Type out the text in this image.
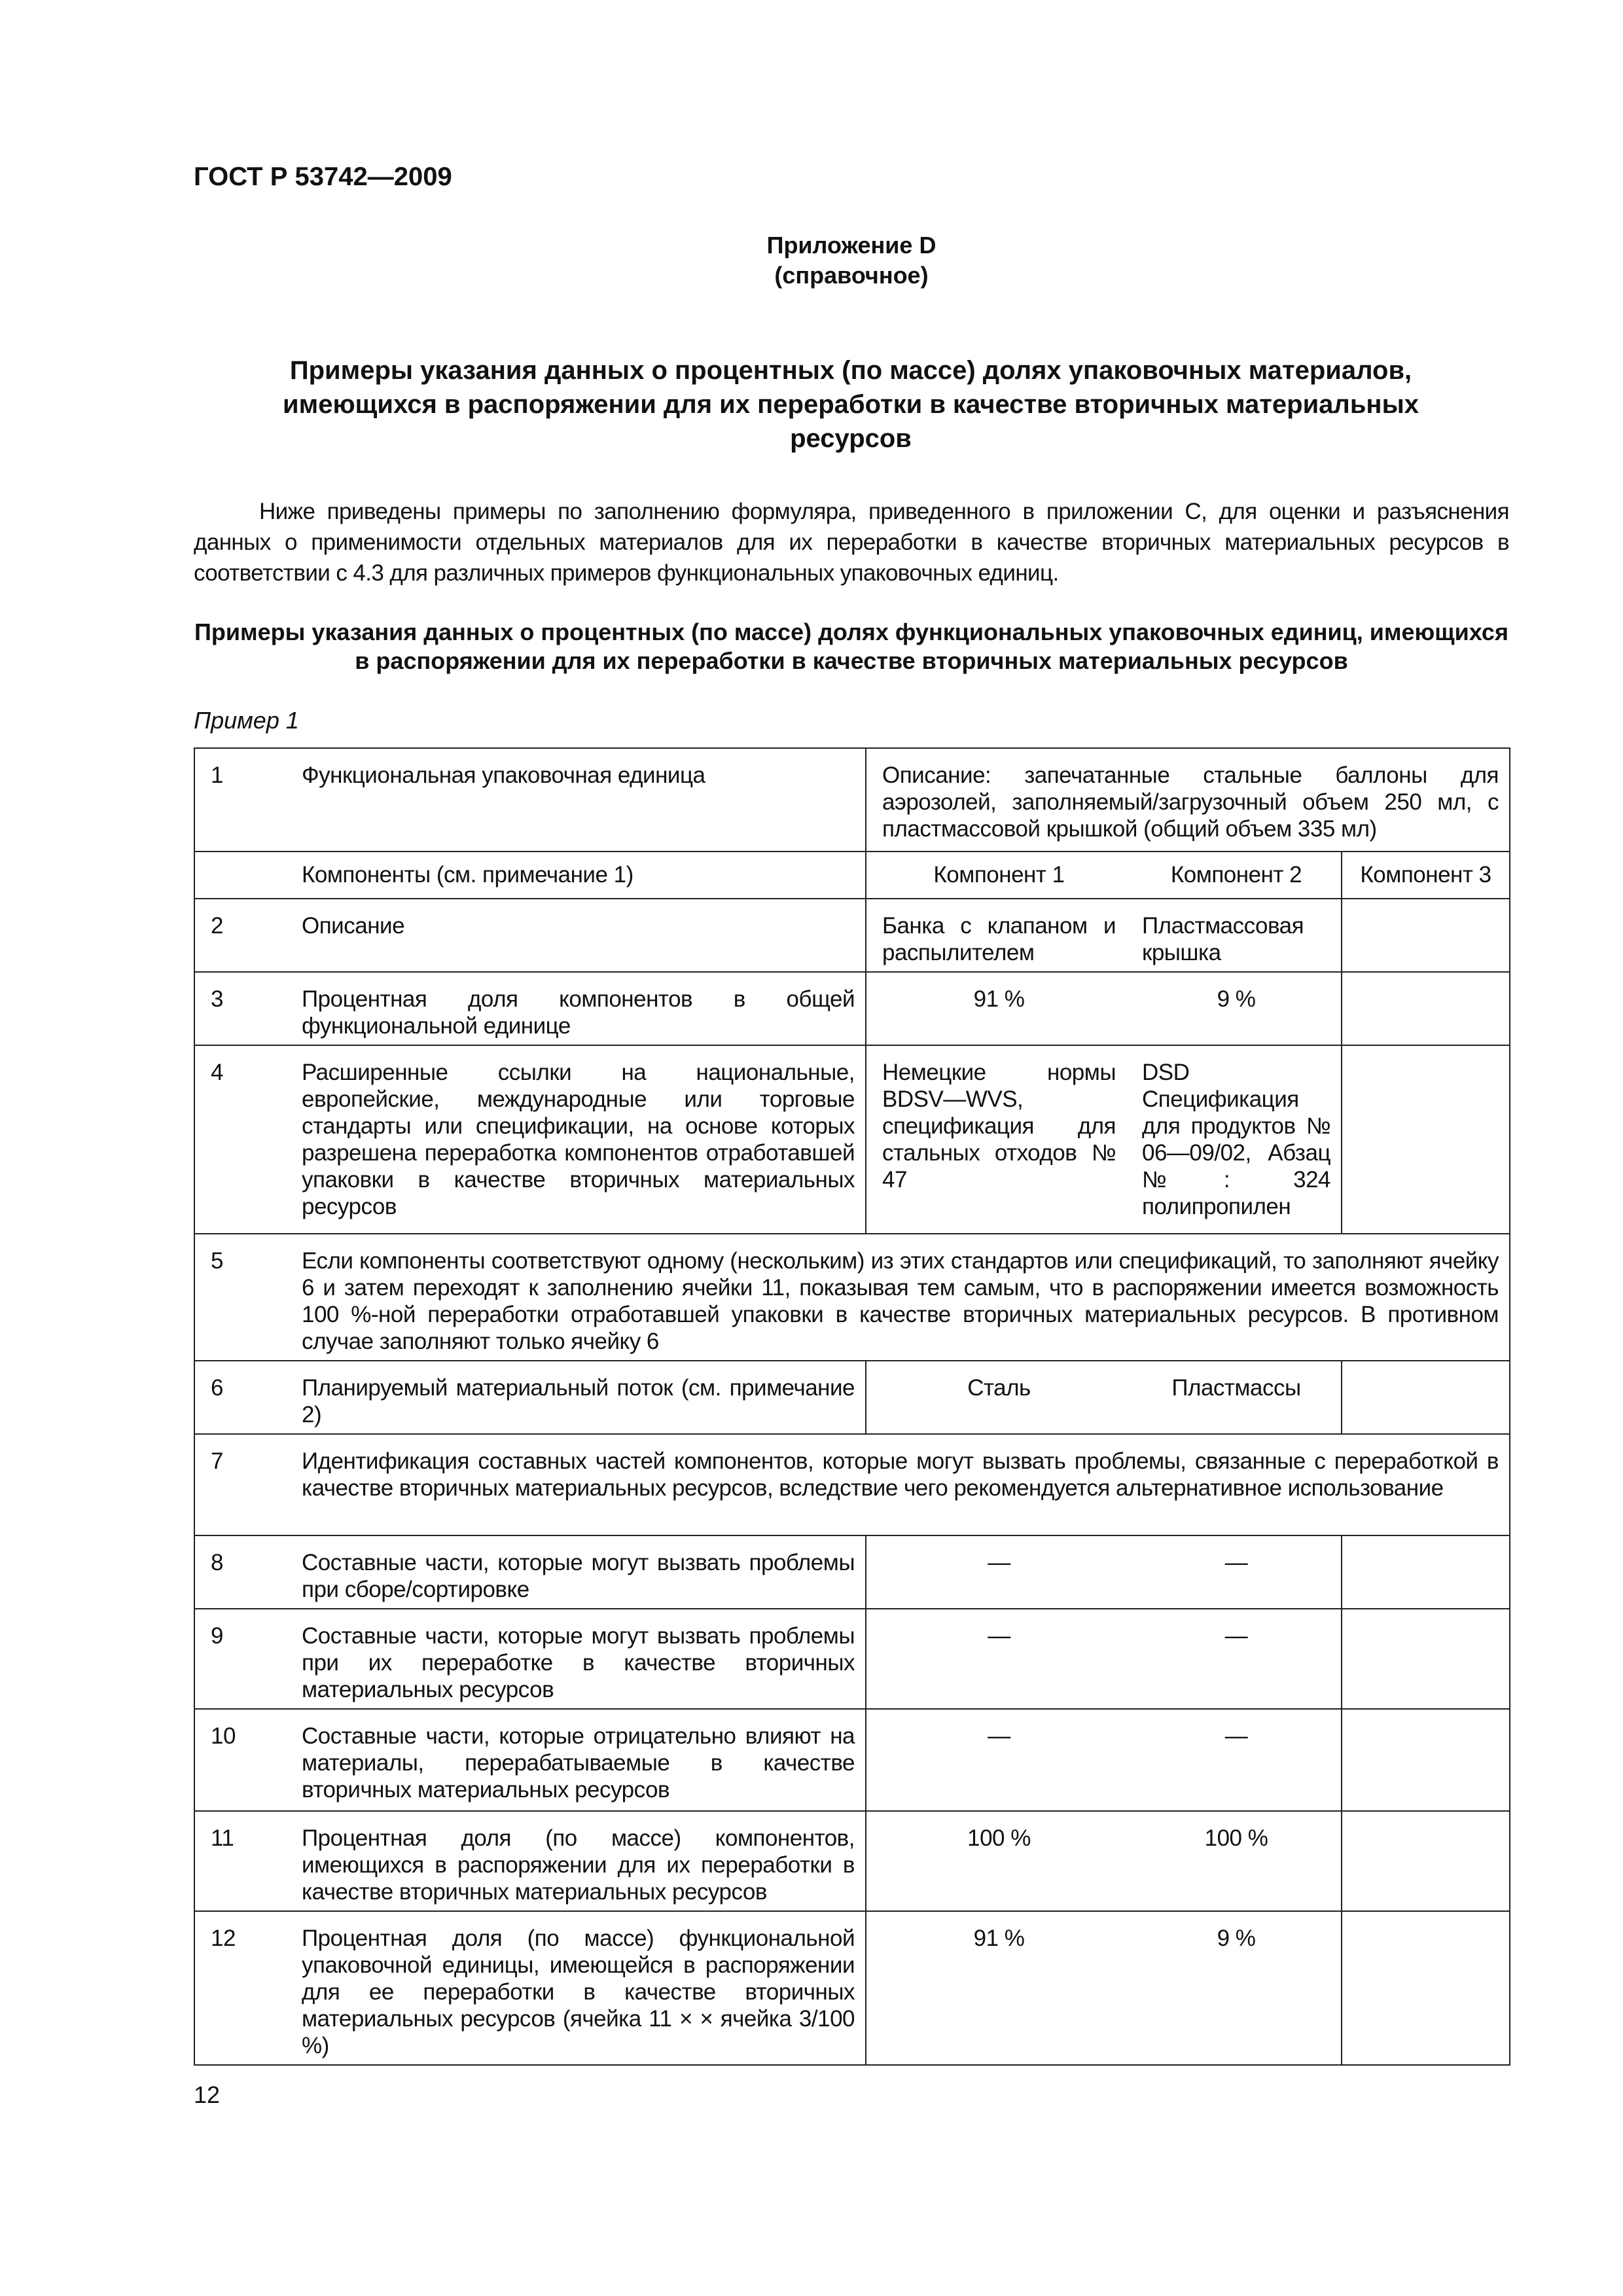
ГОСТ Р 53742—2009
Приложение D
(справочное)
Примеры указания данных о процентных (по массе) долях упаковочных материалов, имеющихся в распоряжении для их переработки в качестве вторичных материальных ресурсов
Ниже приведены примеры по заполнению формуляра, приведенного в приложении С, для оценки и разъяснения данных о применимости отдельных материалов для их переработки в качестве вторичных материальных ресурсов в соответствии с 4.3 для различных примеров функциональных упаковочных единиц.
Примеры указания данных о процентных (по массе) долях функциональных упаковочных единиц, имеющихся в распоряжении для их переработки в качестве вторичных материальных ресурсов
Пример 1
1	Функциональная упаковочная единица	Описание: запечатанные стальные баллоны для аэрозолей, заполняемый/загрузочный объем 250 мл, с пластмассовой крышкой (общий объем 335 мл)		
	Компоненты (см. примечание 1)	Компонент 1	Компонент 2	Компонент 3
2	Описание	Банка с клапаном и распылителем	Пластмассовая крышка	
3	Процентная доля компонентов в общей функциональной единице	91 %	9 %	
4	Расширенные ссылки на национальные, европейские, международные или торговые стандарты или спецификации, на основе которых разрешена переработка компонентов отработавшей упаковки в качестве вторичных материальных ресурсов	Немецкие нормы BDSV—WVS, спецификация для стальных отходов № 47	DSD Спецификация для продуктов № 06—09/02, Абзац №: 324 полипропилен	
5	Если компоненты соответствуют одному (нескольким) из этих стандартов или спецификаций, то заполняют ячейку 6 и затем переходят к заполнению ячейки 11, показывая тем самым, что в распоряжении имеется возможность 100 %-ной переработки отработавшей упаковки в качестве вторичных материальных ресурсов. В противном случае заполняют только ячейку 6			
6	Планируемый материальный поток (см. примечание 2)	Сталь	Пластмассы	
7	Идентификация составных частей компонентов, которые могут вызвать проблемы, связанные с переработкой в качестве вторичных материальных ресурсов, вследствие чего рекомендуется альтернативное использование			
8	Составные части, которые могут вызвать проблемы при сборе/сортировке	—	—	
9	Составные части, которые могут вызвать проблемы при их переработке в качестве вторичных материальных ресурсов	—	—	
10	Составные части, которые отрицательно влияют на материалы, перерабатываемые в качестве вторичных материальных ресурсов	—	—	
11	Процентная доля (по массе) компонентов, имеющихся в распоряжении для их переработки в качестве вторичных материальных ресурсов	100 %	100 %	
12	Процентная доля (по массе) функциональной упаковочной единицы, имеющейся в распоряжении для ее переработки в качестве вторичных материальных ресурсов (ячейка 11 × × ячейка 3/100 %)	91 %	9 %	
12
